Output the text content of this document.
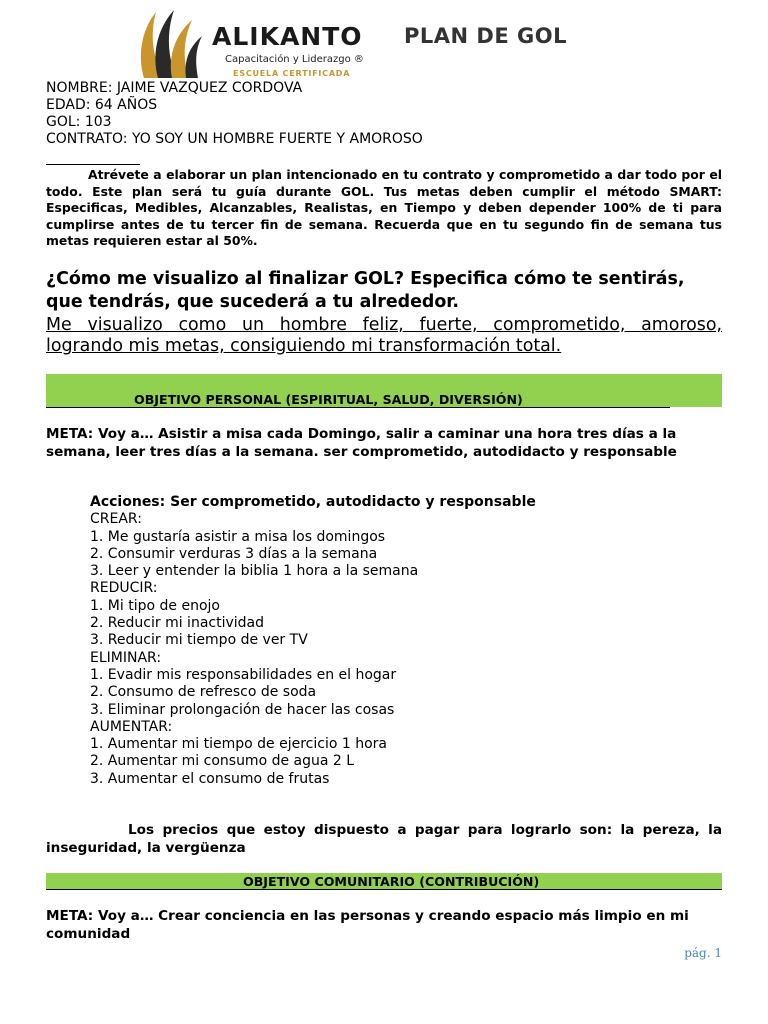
ALIKANTO
Capacitación y Liderazgo ®
ESCUELA CERTIFICADA
PLAN DE GOL
NOMBRE: JAIME VAZQUEZ CORDOVA
EDAD: 64 AÑOS
GOL: 103
CONTRATO: YO SOY UN HOMBRE FUERTE Y AMOROSO
Atrévete a elaborar un plan intencionado en tu contrato y comprometido a dar todo por el todo. Este plan será tu guía durante GOL. Tus metas deben cumplir el método SMART: Especificas, Medibles, Alcanzables, Realistas, en Tiempo y deben depender 100% de ti para cumplirse antes de tu tercer fin de semana. Recuerda que en tu segundo fin de semana tus metas requieren estar al 50%.
¿Cómo me visualizo al finalizar GOL? Especifica cómo te sentirás, que tendrás, que sucederá a tu alrededor.
Me visualizo como un hombre feliz, fuerte, comprometido, amoroso, logrando mis metas, consiguiendo mi transformación total.
OBJETIVO PERSONAL (ESPIRITUAL, SALUD, DIVERSIÓN)
META: Voy a… Asistir a misa cada Domingo, salir a caminar una hora tres días a la semana, leer tres días a la semana. ser comprometido, autodidacto y responsable
Acciones: Ser comprometido, autodidacto y responsable
CREAR:
1. Me gustaría asistir a misa los domingos
2. Consumir verduras 3 días a la semana
3. Leer y entender la biblia 1 hora a la semana
REDUCIR:
1. Mi tipo de enojo
2. Reducir mi inactividad
3. Reducir mi tiempo de ver TV
ELIMINAR:
1. Evadir mis responsabilidades en el hogar
2. Consumo de refresco de soda
3. Eliminar prolongación de hacer las cosas
AUMENTAR:
1. Aumentar mi tiempo de ejercicio 1 hora
2. Aumentar mi consumo de agua 2 L
3. Aumentar el consumo de frutas
Los precios que estoy dispuesto a pagar para lograrlo son: la pereza, la inseguridad, la vergüenza
OBJETIVO COMUNITARIO (CONTRIBUCIÓN)
META: Voy a… Crear conciencia en las personas y creando espacio más limpio en mi comunidad
pág. 1
